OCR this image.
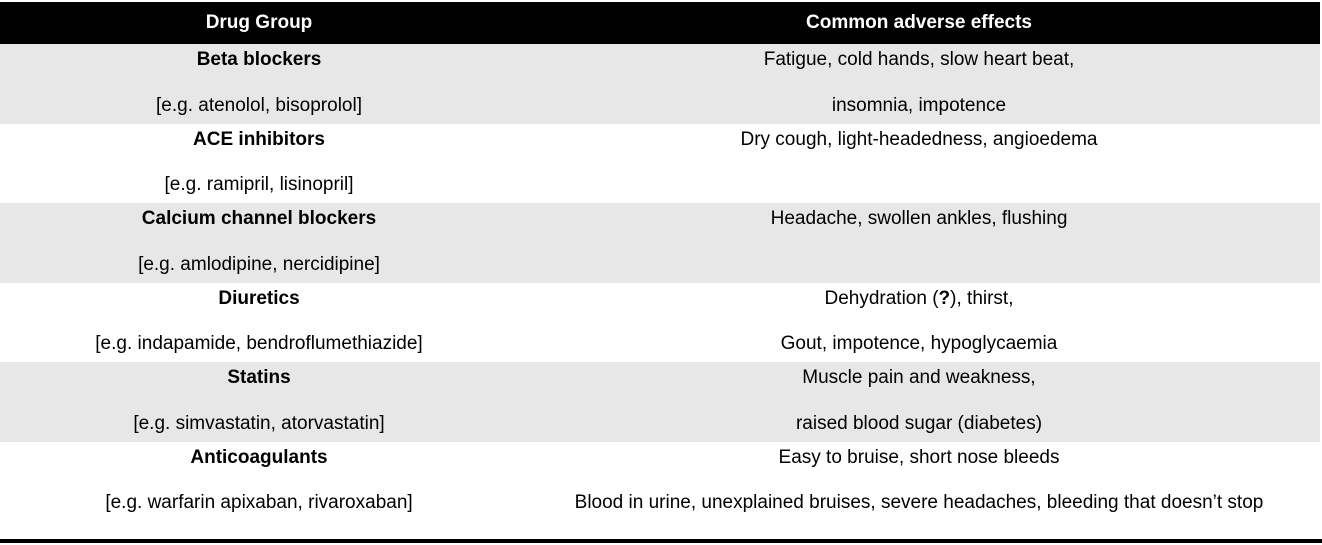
Drug Group	Common adverse effects
Beta blockers
[e.g. atenolol, bisoprolol]
Fatigue, cold hands, slow heart beat,
insomnia, impotence
ACE inhibitors
[e.g. ramipril, lisinopril]
Dry cough, light-headedness, angioedema
Calcium channel blockers
[e.g. amlodipine, nercidipine]
Headache, swollen ankles, flushing
Diuretics
[e.g. indapamide, bendroflumethiazide]
Dehydration (?), thirst,
Gout, impotence, hypoglycaemia
Statins
[e.g. simvastatin, atorvastatin]
Muscle pain and weakness,
raised blood sugar (diabetes)
Anticoagulants
[e.g. warfarin apixaban, rivaroxaban]
Easy to bruise, short nose bleeds
Blood in urine, unexplained bruises, severe headaches, bleeding that doesn’t stop
